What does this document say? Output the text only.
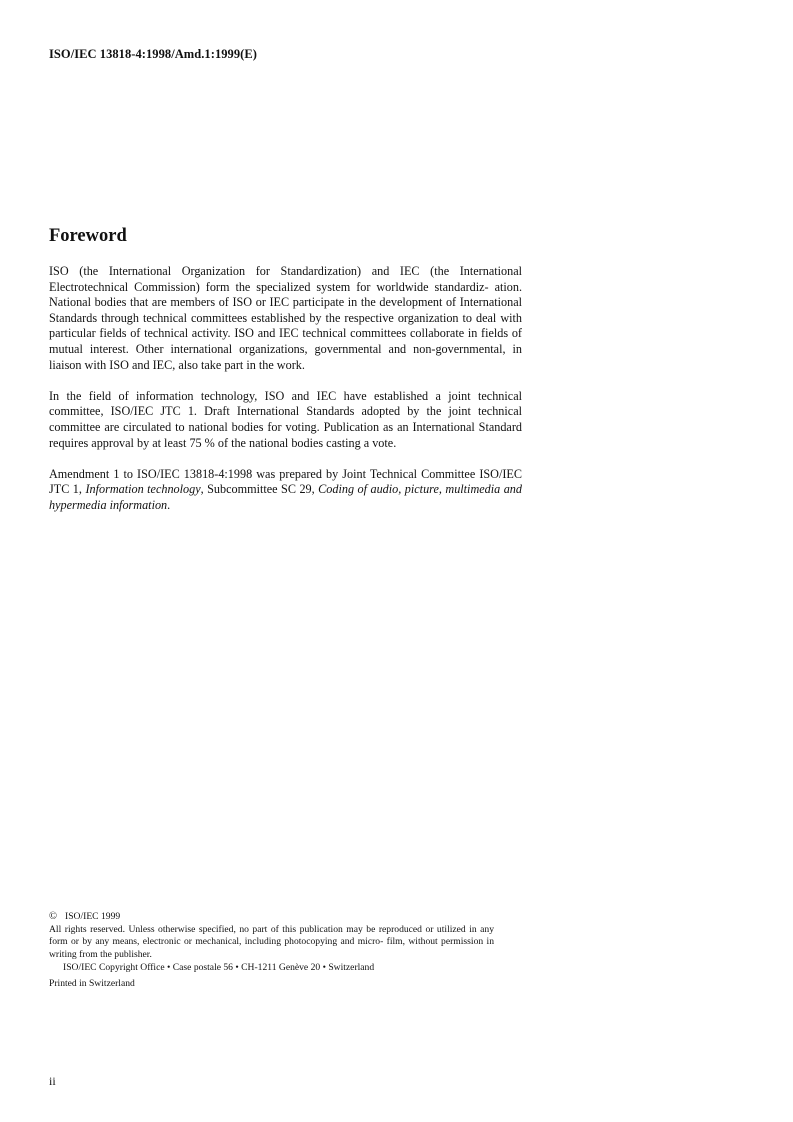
ISO/IEC 13818-4:1998/Amd.1:1999(E)
Foreword

ISO (the International Organization for Standardization) and IEC (the International Electrotechnical Commission) form the specialized system for worldwide standardiz- ation. National bodies that are members of ISO or IEC participate in the development of International Standards through technical committees established by the respective organization to deal with particular fields of technical activity. ISO and IEC technical committees collaborate in fields of mutual interest. Other international organizations, governmental and non-governmental, in liaison with ISO and IEC, also take part in the work.

In the field of information technology, ISO and IEC have established a joint technical committee, ISO/IEC JTC 1. Draft International Standards adopted by the joint technical committee are circulated to national bodies for voting. Publication as an International Standard requires approval by at least 75 % of the national bodies casting a vote.

Amendment 1 to ISO/IEC 13818-4:1998 was prepared by Joint Technical Committee ISO/IEC JTC 1, Information technology, Subcommittee SC 29, Coding of audio, picture, multimedia and hypermedia information.

© ISO/IEC 1999
All rights reserved. Unless otherwise specified, no part of this publication may be reproduced or utilized in any form or by any means, electronic or mechanical, including photocopying and micro- film, without permission in writing from the publisher.
ISO/IEC Copyright Office • Case postale 56 • CH-1211 Genève 20 • Switzerland
Printed in Switzerland
ii
